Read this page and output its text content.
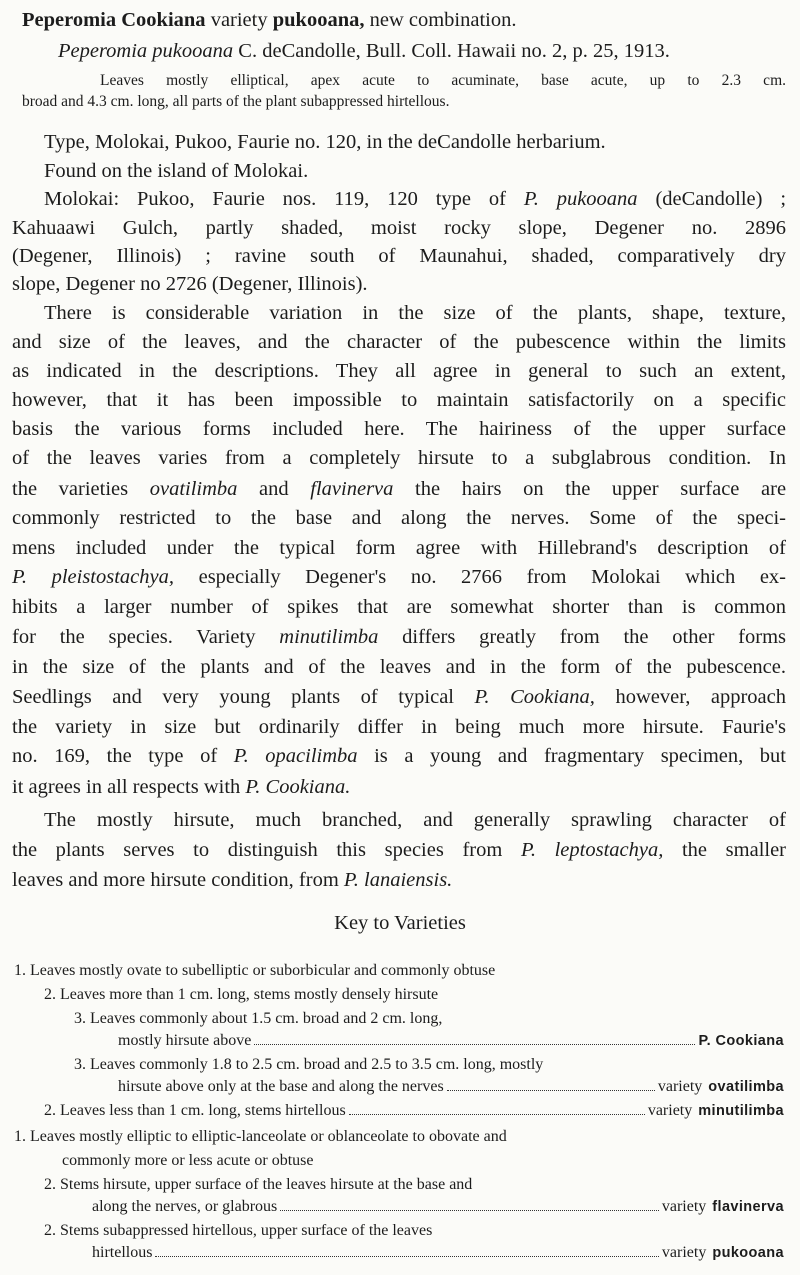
Peperomia Cookiana variety pukooana, new combination.
Peperomia pukooana C. deCandolle, Bull. Coll. Hawaii no. 2, p. 25, 1913.
Leaves mostly elliptical, apex acute to acuminate, base acute, up to 2.3 cm.
broad and 4.3 cm. long, all parts of the plant subappressed hirtellous.
Type, Molokai, Pukoo, Faurie no. 120, in the deCandolle herbarium.
Found on the island of Molokai.
Molokai: Pukoo, Faurie nos. 119, 120 type of P. pukooana (deCandolle) ;
Kahuaawi Gulch, partly shaded, moist rocky slope, Degener no. 2896
(Degener, Illinois) ; ravine south of Maunahui, shaded, comparatively dry
slope, Degener no 2726 (Degener, Illinois).
There is considerable variation in the size of the plants, shape, texture,
and size of the leaves, and the character of the pubescence within the limits
as indicated in the descriptions. They all agree in general to such an extent,
however, that it has been impossible to maintain satisfactorily on a specific
basis the various forms included here. The hairiness of the upper surface
of the leaves varies from a completely hirsute to a subglabrous condition. In
the varieties ovatilimba and flavinerva the hairs on the upper surface are
commonly restricted to the base and along the nerves. Some of the speci-
mens included under the typical form agree with Hillebrand's description of
P. pleistostachya, especially Degener's no. 2766 from Molokai which ex-
hibits a larger number of spikes that are somewhat shorter than is common
for the species. Variety minutilimba differs greatly from the other forms
in the size of the plants and of the leaves and in the form of the pubescence.
Seedlings and very young plants of typical P. Cookiana, however, approach
the variety in size but ordinarily differ in being much more hirsute. Faurie's
no. 169, the type of P. opacilimba is a young and fragmentary specimen, but
it agrees in all respects with P. Cookiana.
The mostly hirsute, much branched, and generally sprawling character of
the plants serves to distinguish this species from P. leptostachya, the smaller
leaves and more hirsute condition, from P. lanaiensis.
Key to Varieties
1. Leaves mostly ovate to subelliptic or suborbicular and commonly obtuse
2. Leaves more than 1 cm. long, stems mostly densely hirsute
3. Leaves commonly about 1.5 cm. broad and 2 cm. long,
mostly hirsute above	P. Cookiana
3. Leaves commonly 1.8 to 2.5 cm. broad and 2.5 to 3.5 cm. long, mostly
hirsute above only at the base and along the nerves	variety ovatilimba
2. Leaves less than 1 cm. long, stems hirtellous	variety minutilimba
1. Leaves mostly elliptic to elliptic-lanceolate or oblanceolate to obovate and
commonly more or less acute or obtuse
2. Stems hirsute, upper surface of the leaves hirsute at the base and
along the nerves, or glabrous	variety flavinerva
2. Stems subappressed hirtellous, upper surface of the leaves
hirtellous	variety pukooana
